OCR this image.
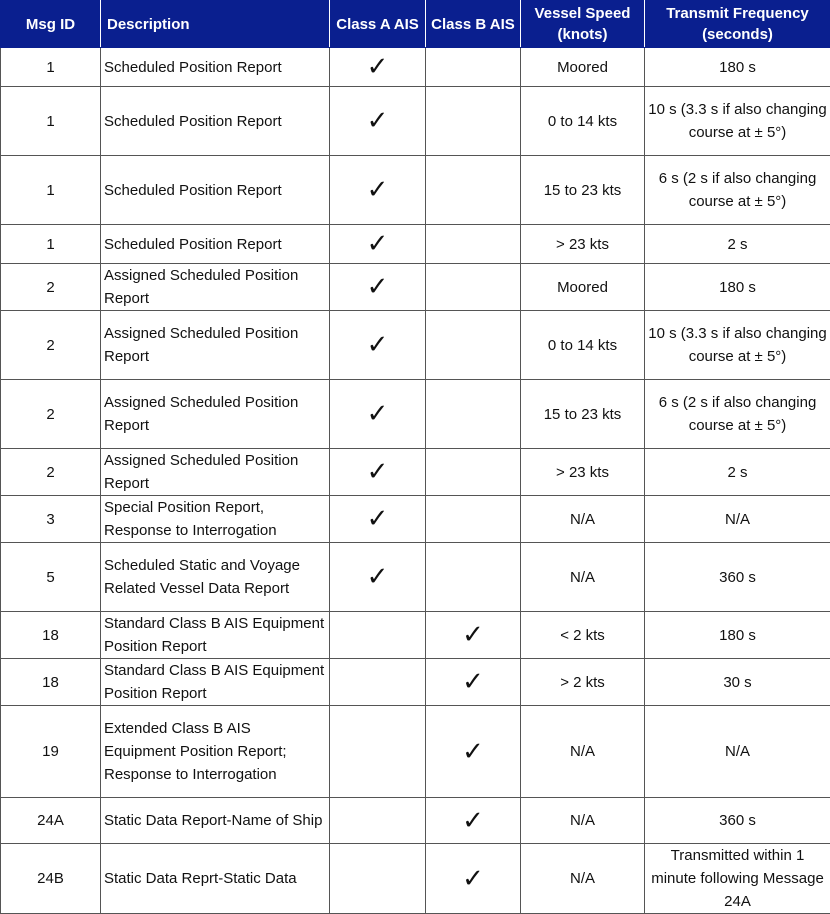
Msg ID	Description	Class A AIS	Class B AIS	Vessel Speed (knots)	Transmit Frequency (seconds)
1	Scheduled Position Report	✓		Moored	180 s
1	Scheduled Position Report	✓		0 to 14 kts	10 s (3.3 s if also changing course at ± 5°)
1	Scheduled Position Report	✓		15 to 23 kts	6 s (2 s if also changing course at ± 5°)
1	Scheduled Position Report	✓		> 23 kts	2 s
2	Assigned Scheduled Position Report	✓		Moored	180 s
2	Assigned Scheduled Position Report	✓		0 to 14 kts	10 s (3.3 s if also changing course at ± 5°)
2	Assigned Scheduled Position Report	✓		15 to 23 kts	6 s (2 s if also changing course at ± 5°)
2	Assigned Scheduled Position Report	✓		> 23 kts	2 s
3	Special Position Report, Response to Interrogation	✓		N/A	N/A
5	Scheduled Static and Voyage Related Vessel Data Report	✓		N/A	360 s
18	Standard Class B AIS Equipment Position Report		✓	< 2 kts	180 s
18	Standard Class B AIS Equipment Position Report		✓	> 2 kts	30 s
19	Extended Class B AIS Equipment Position Report; Response to Interrogation		✓	N/A	N/A
24A	Static Data Report-Name of Ship		✓	N/A	360 s
24B	Static Data Reprt-Static Data		✓	N/A	Transmitted within 1 minute following Message 24A
